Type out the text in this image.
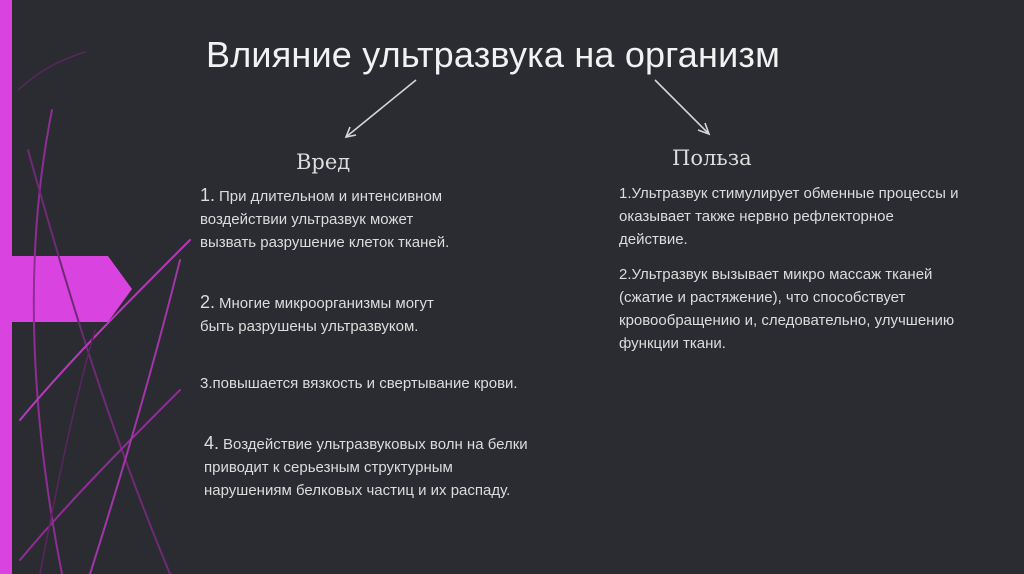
Влияние ультразвука на организм
Вред
1. При длительном и интенсивном воздействии ультразвук может вызвать разрушение клеток тканей.
2. Многие микроорганизмы могут быть разрушены ультразвуком.
3.повышается вязкость и свертывание крови.
4. Воздействие ультразвуковых волн на белки приводит к серьезным структурным нарушениям белковых частиц и их распаду.
Польза
1.Ультразвук стимулирует обменные процессы и оказывает также нервно рефлекторное действие.
2.Ультразвук вызывает микро массаж тканей (сжатие и растяжение), что способствует кровообращению и, следовательно, улучшению функции ткани.
